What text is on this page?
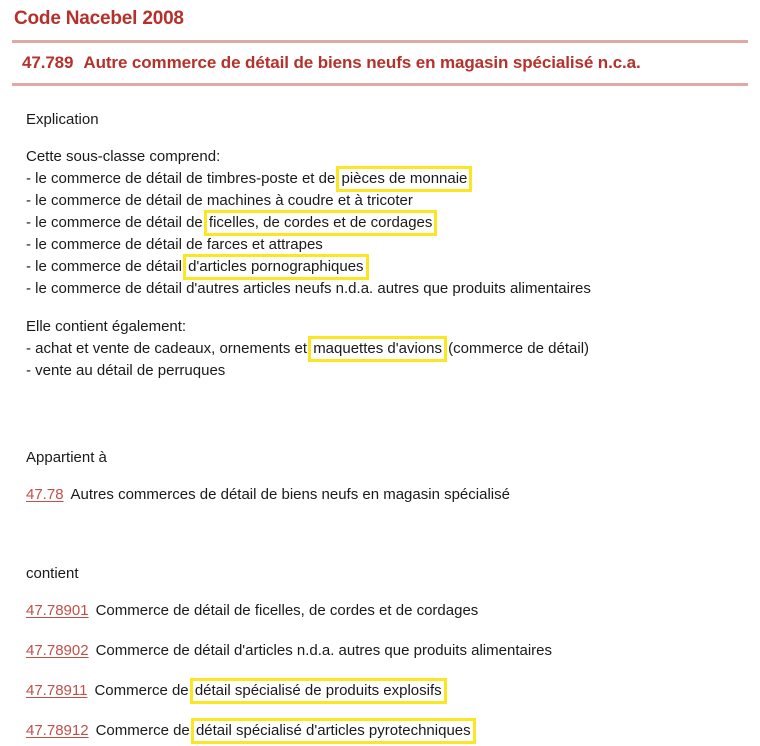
Code Nacebel 2008
47.789 Autre commerce de détail de biens neufs en magasin spécialisé n.c.a.
Explication
Cette sous-classe comprend:
- le commerce de détail de timbres-poste et de pièces de monnaie
- le commerce de détail de machines à coudre et à tricoter
- le commerce de détail de ficelles, de cordes et de cordages
- le commerce de détail de farces et attrapes
- le commerce de détail d'articles pornographiques
- le commerce de détail d'autres articles neufs n.d.a. autres que produits alimentaires
Elle contient également:
- achat et vente de cadeaux, ornements et maquettes d'avions (commerce de détail)
- vente au détail de perruques
Appartient à
47.78 Autres commerces de détail de biens neufs en magasin spécialisé
contient
47.78901 Commerce de détail de ficelles, de cordes et de cordages
47.78902 Commerce de détail d'articles n.d.a. autres que produits alimentaires
47.78911 Commerce de détail spécialisé de produits explosifs
47.78912 Commerce de détail spécialisé d'articles pyrotechniques
